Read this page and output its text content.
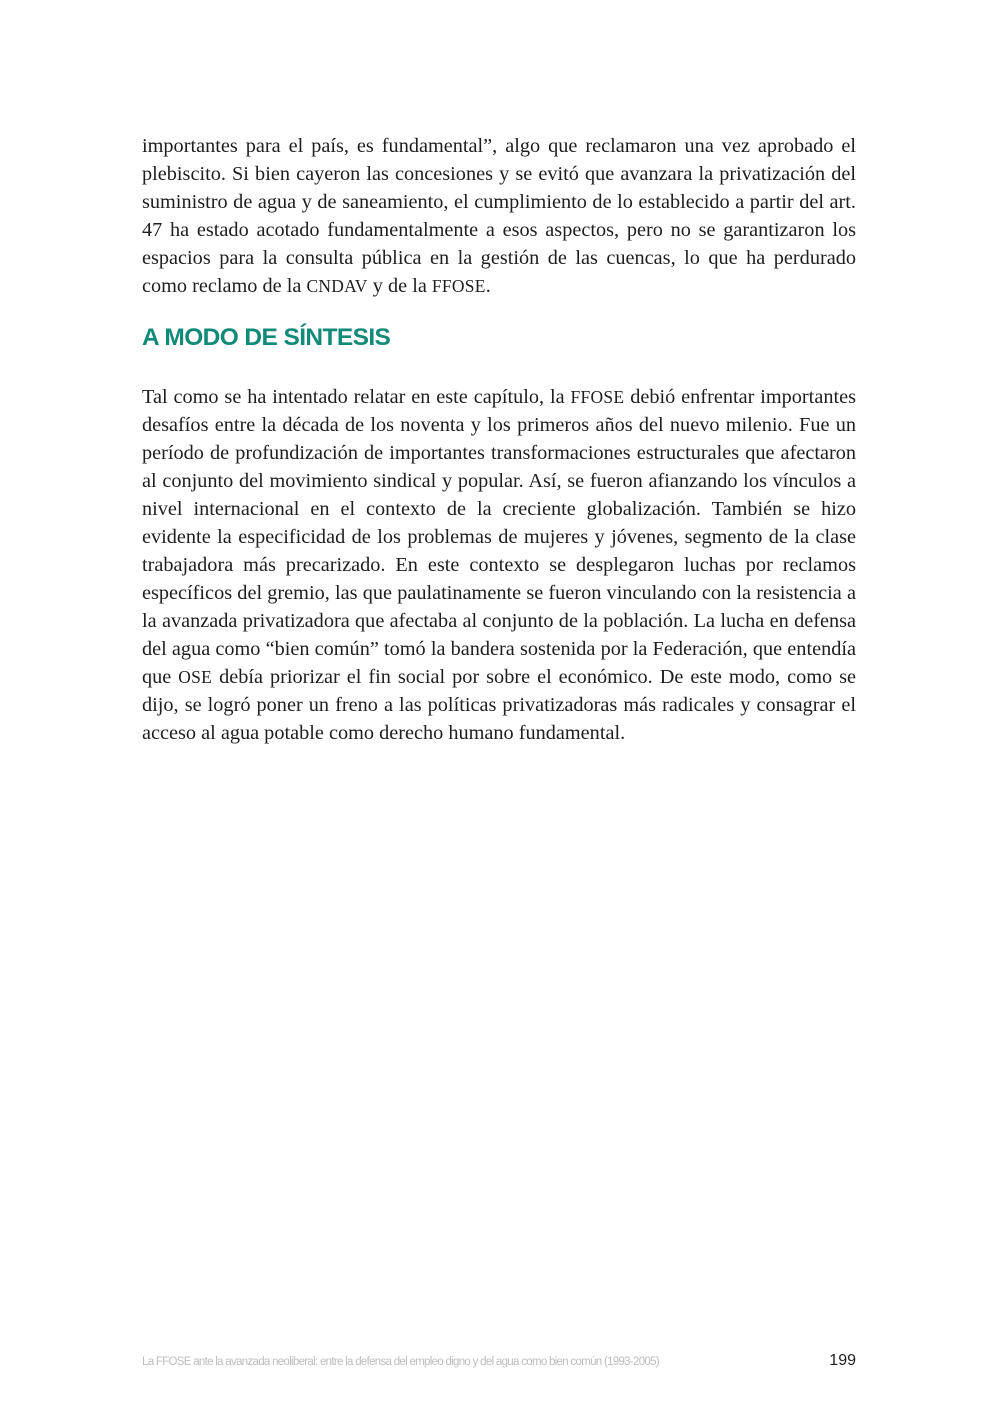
importantes para el país, es fundamental”, algo que reclamaron una vez aprobado el plebiscito. Si bien cayeron las concesiones y se evitó que avanzara la privatización del suministro de agua y de saneamiento, el cumplimiento de lo establecido a partir del art. 47 ha estado acotado fundamentalmente a esos aspectos, pero no se garantizaron los espacios para la consulta pública en la gestión de las cuencas, lo que ha perdurado como reclamo de la CNDAV y de la FFOSE.

A MODO DE SÍNTESIS

Tal como se ha intentado relatar en este capítulo, la FFOSE debió enfrentar importantes desafíos entre la década de los noventa y los primeros años del nuevo milenio. Fue un período de profundización de importantes transformaciones estructurales que afectaron al conjunto del movimiento sindical y popular. Así, se fueron afianzando los vínculos a nivel internacional en el contexto de la creciente globalización. También se hizo evidente la especificidad de los problemas de mujeres y jóvenes, segmento de la clase trabajadora más precarizado. En este contexto se desplegaron luchas por reclamos específicos del gremio, las que paulatinamente se fueron vinculando con la resistencia a la avanzada privatizadora que afectaba al conjunto de la población. La lucha en defensa del agua como “bien común” tomó la bandera sostenida por la Federación, que entendía que OSE debía priorizar el fin social por sobre el económico. De este modo, como se dijo, se logró poner un freno a las políticas privatizadoras más radicales y consagrar el acceso al agua potable como derecho humano fundamental.

La FFOSE ante la avanzada neoliberal: entre la defensa del empleo digno y del agua como bien común (1993-2005)	199
